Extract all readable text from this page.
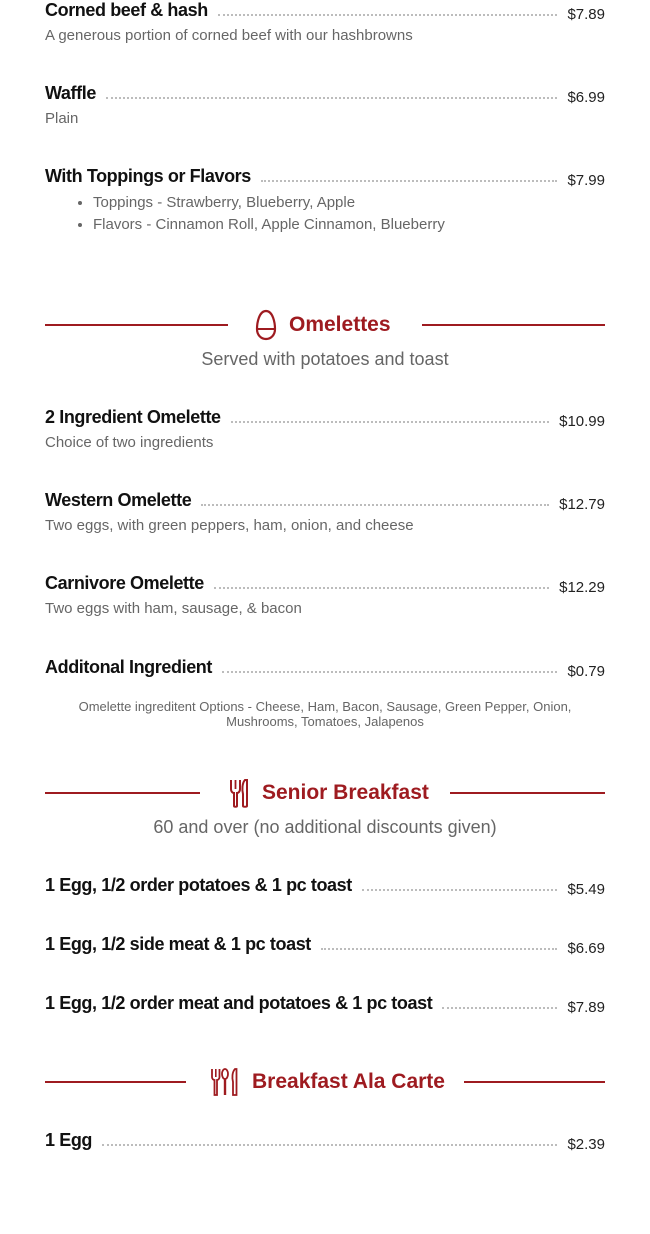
Corned beef & hash	$7.89
A generous portion of corned beef with our hashbrowns
Waffle	$6.99
Plain
With Toppings or Flavors	$7.99
• Toppings - Strawberry, Blueberry, Apple
• Flavors - Cinnamon Roll, Apple Cinnamon, Blueberry
Omelettes
Served with potatoes and toast
2 Ingredient Omelette	$10.99
Choice of two ingredients
Western Omelette	$12.79
Two eggs, with green peppers, ham, onion, and cheese
Carnivore Omelette	$12.29
Two eggs with ham, sausage, & bacon
Additonal Ingredient	$0.79
Omelette ingreditent Options - Cheese, Ham, Bacon, Sausage, Green Pepper, Onion, Mushrooms, Tomatoes, Jalapenos
Senior Breakfast
60 and over (no additional discounts given)
1 Egg, 1/2 order potatoes & 1 pc toast	$5.49
1 Egg, 1/2 side meat & 1 pc toast	$6.69
1 Egg, 1/2 order meat and potatoes & 1 pc toast	$7.89
Breakfast Ala Carte
1 Egg	$2.39
